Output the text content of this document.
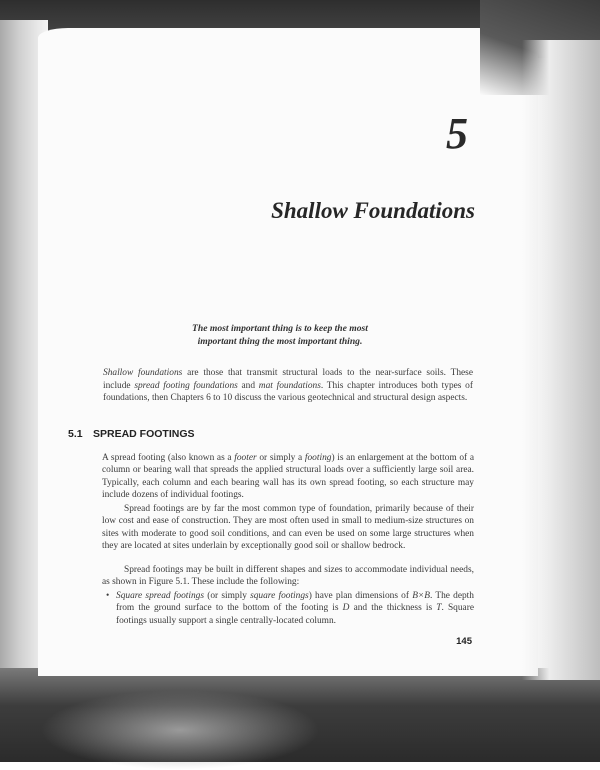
5
Shallow Foundations
The most important thing is to keep the most
important thing the most important thing.
Shallow foundations are those that transmit structural loads to the near-surface soils. These include spread footing foundations and mat foundations. This chapter introduces both types of foundations, then Chapters 6 to 10 discuss the various geotechnical and structural design aspects.
5.1 SPREAD FOOTINGS
A spread footing (also known as a footer or simply a footing) is an enlargement at the bottom of a column or bearing wall that spreads the applied structural loads over a sufficiently large soil area. Typically, each column and each bearing wall has its own spread footing, so each structure may include dozens of individual footings.
Spread footings are by far the most common type of foundation, primarily because of their low cost and ease of construction. They are most often used in small to medium-size structures on sites with moderate to good soil conditions, and can even be used on some large structures when they are located at sites underlain by exceptionally good soil or shallow bedrock.
Spread footings may be built in different shapes and sizes to accommodate individual needs, as shown in Figure 5.1. These include the following:
• Square spread footings (or simply square footings) have plan dimensions of B×B. The depth from the ground surface to the bottom of the footing is D and the thickness is T. Square footings usually support a single centrally-located column.
145
